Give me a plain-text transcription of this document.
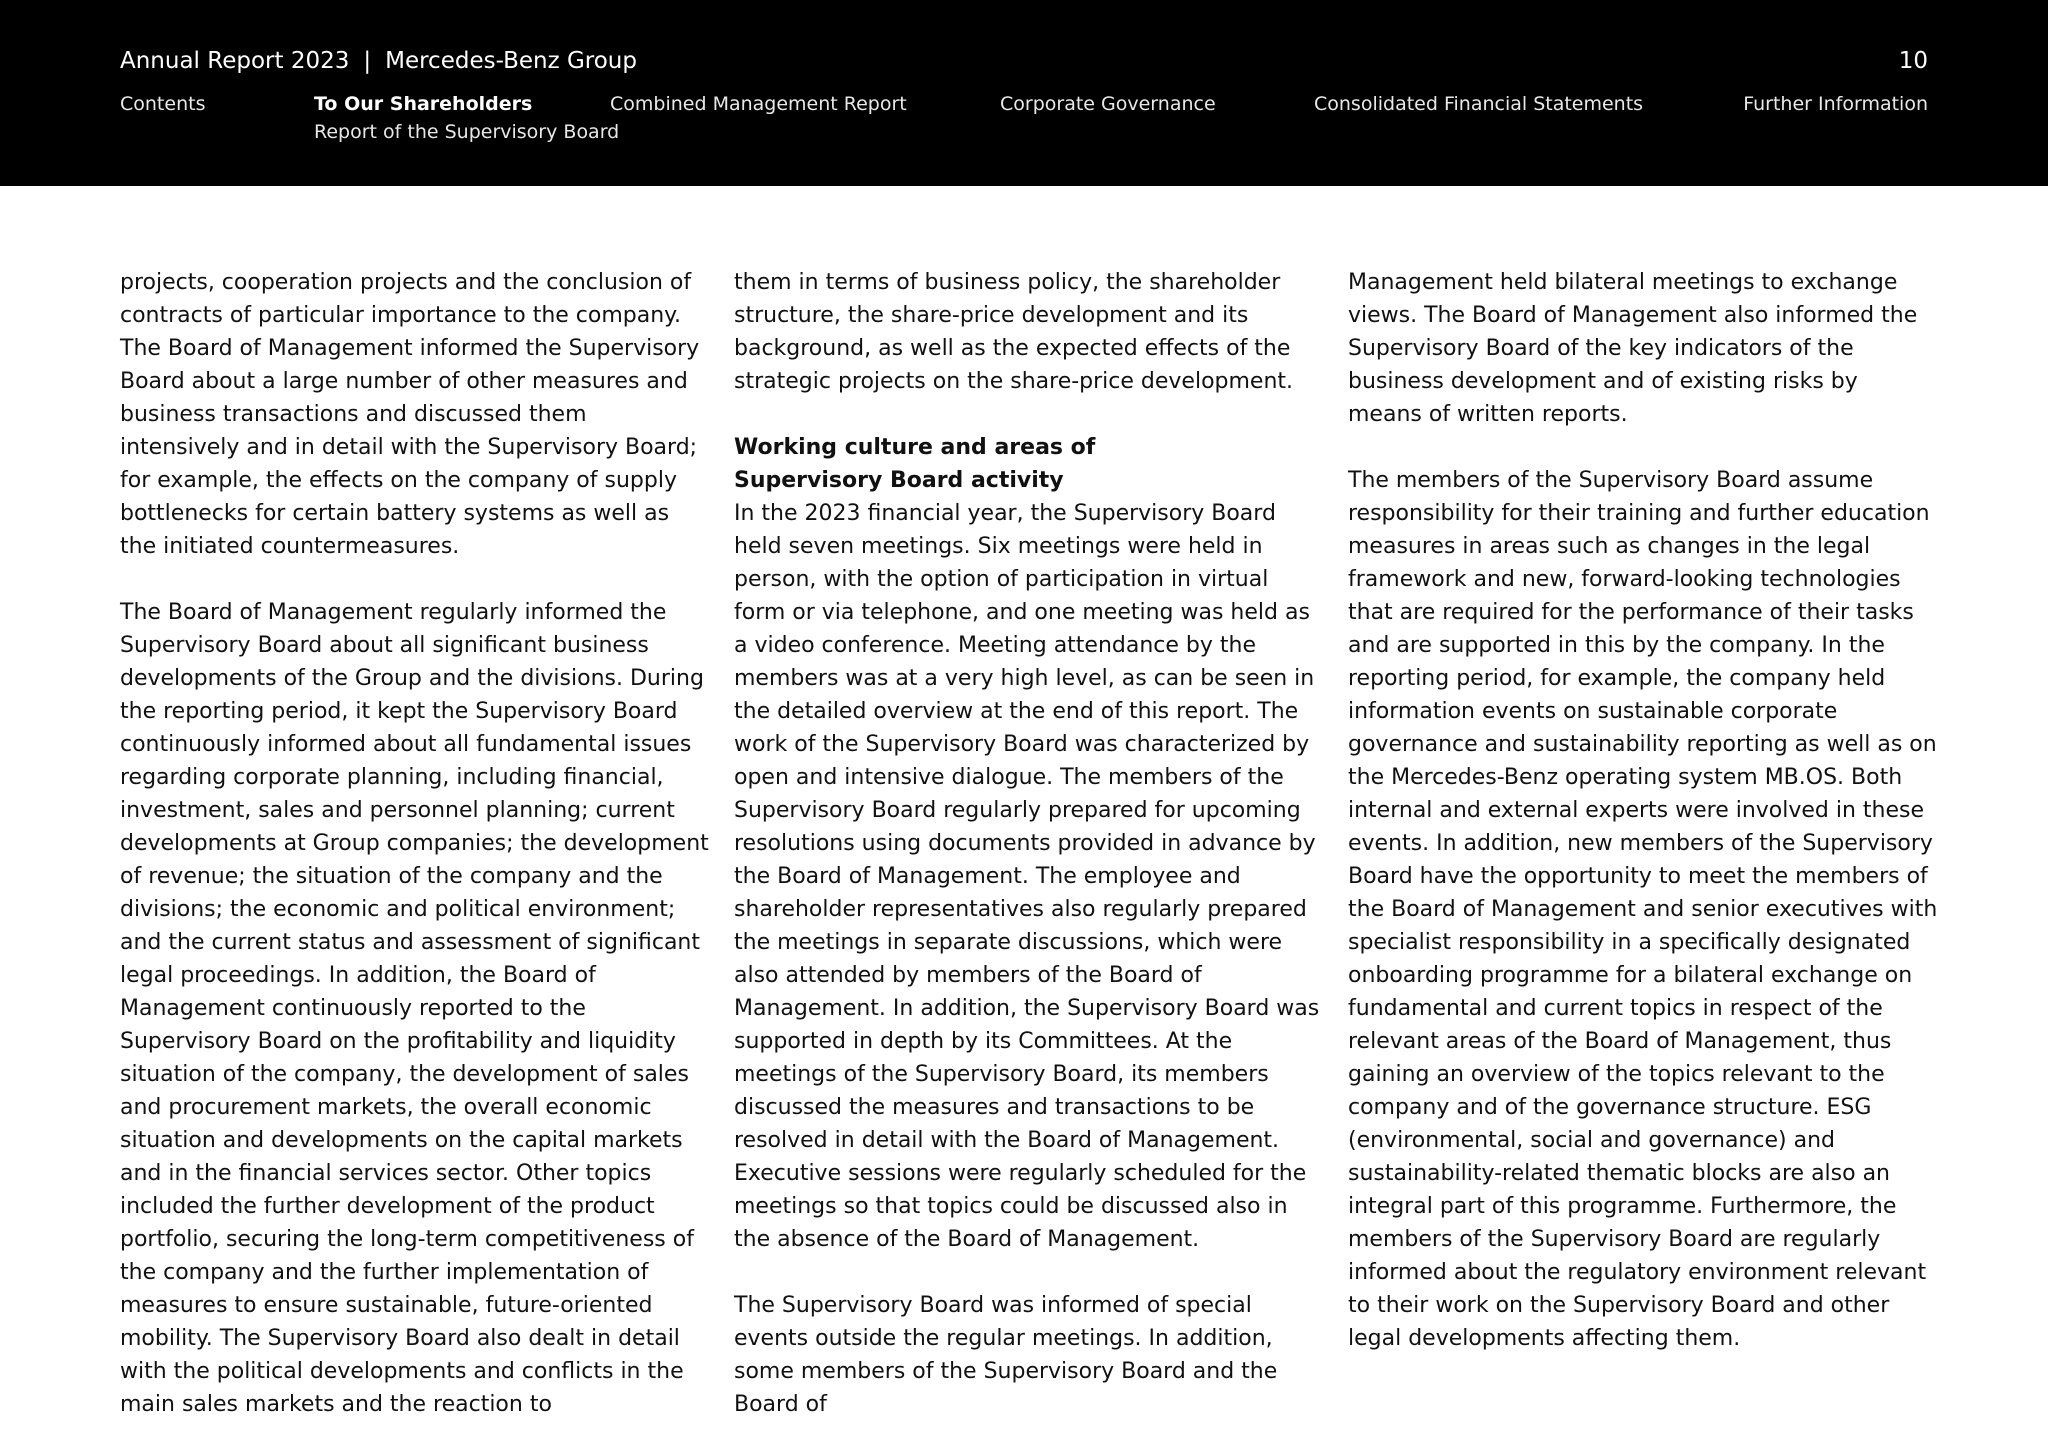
Annual Report 2023 | Mercedes-Benz Group	10
Contents	To Our Shareholders
Report of the Supervisory Board
Combined Management Report	Corporate Governance	Consolidated Financial Statements	Further Information

projects, cooperation projects and the conclusion of contracts of particular importance to the company. The Board of Management informed the Supervisory Board about a large number of other measures and business transactions and discussed them intensively and in detail with the Supervisory Board; for example, the effects on the company of supply bottlenecks for certain battery systems as well as the initiated countermeasures.

The Board of Management regularly informed the Supervisory Board about all significant business developments of the Group and the divisions. During the reporting period, it kept the Supervisory Board continuously informed about all fundamental issues regarding corporate planning, including financial, investment, sales and personnel planning; current developments at Group companies; the development of revenue; the situation of the company and the divisions; the economic and political environment; and the current status and assessment of significant legal proceedings. In addition, the Board of Management continuously reported to the Supervisory Board on the profitability and liquidity situation of the company, the development of sales and procurement markets, the overall economic situation and developments on the capital markets and in the financial services sector. Other topics included the further development of the product portfolio, securing the long-term competitiveness of the company and the further implementation of measures to ensure sustainable, future-oriented mobility. The Supervisory Board also dealt in detail with the political developments and conflicts in the main sales markets and the reaction to

them in terms of business policy, the shareholder structure, the share-price development and its background, as well as the expected effects of the strategic projects on the share-price development.

Working culture and areas of
Supervisory Board activity

In the 2023 financial year, the Supervisory Board held seven meetings. Six meetings were held in person, with the option of participation in virtual form or via telephone, and one meeting was held as a video conference. Meeting attendance by the members was at a very high level, as can be seen in the detailed overview at the end of this report. The work of the Supervisory Board was characterized by open and intensive dialogue. The members of the Supervisory Board regularly prepared for upcoming resolutions using documents provided in advance by the Board of Management. The employee and shareholder representatives also regularly prepared the meetings in separate discussions, which were also attended by members of the Board of Management. In addition, the Supervisory Board was supported in depth by its Committees. At the meetings of the Supervisory Board, its members discussed the measures and transactions to be resolved in detail with the Board of Management. Executive sessions were regularly scheduled for the meetings so that topics could be discussed also in the absence of the Board of Management.

The Supervisory Board was informed of special events outside the regular meetings. In addition, some members of the Supervisory Board and the Board of

Management held bilateral meetings to exchange views. The Board of Management also informed the Supervisory Board of the key indicators of the business development and of existing risks by means of written reports.

The members of the Supervisory Board assume responsibility for their training and further education measures in areas such as changes in the legal framework and new, forward-looking technologies that are required for the performance of their tasks and are supported in this by the company. In the reporting period, for example, the company held information events on sustainable corporate governance and sustainability reporting as well as on the Mercedes-Benz operating system MB.OS. Both internal and external experts were involved in these events. In addition, new members of the Supervisory Board have the opportunity to meet the members of the Board of Management and senior executives with specialist responsibility in a specifically designated onboarding programme for a bilateral exchange on fundamental and current topics in respect of the relevant areas of the Board of Management, thus gaining an overview of the topics relevant to the company and of the governance structure. ESG (environmental, social and governance) and sustainability-related thematic blocks are also an integral part of this programme. Furthermore, the members of the Supervisory Board are regularly informed about the regulatory environment relevant to their work on the Supervisory Board and other legal developments affecting them.
